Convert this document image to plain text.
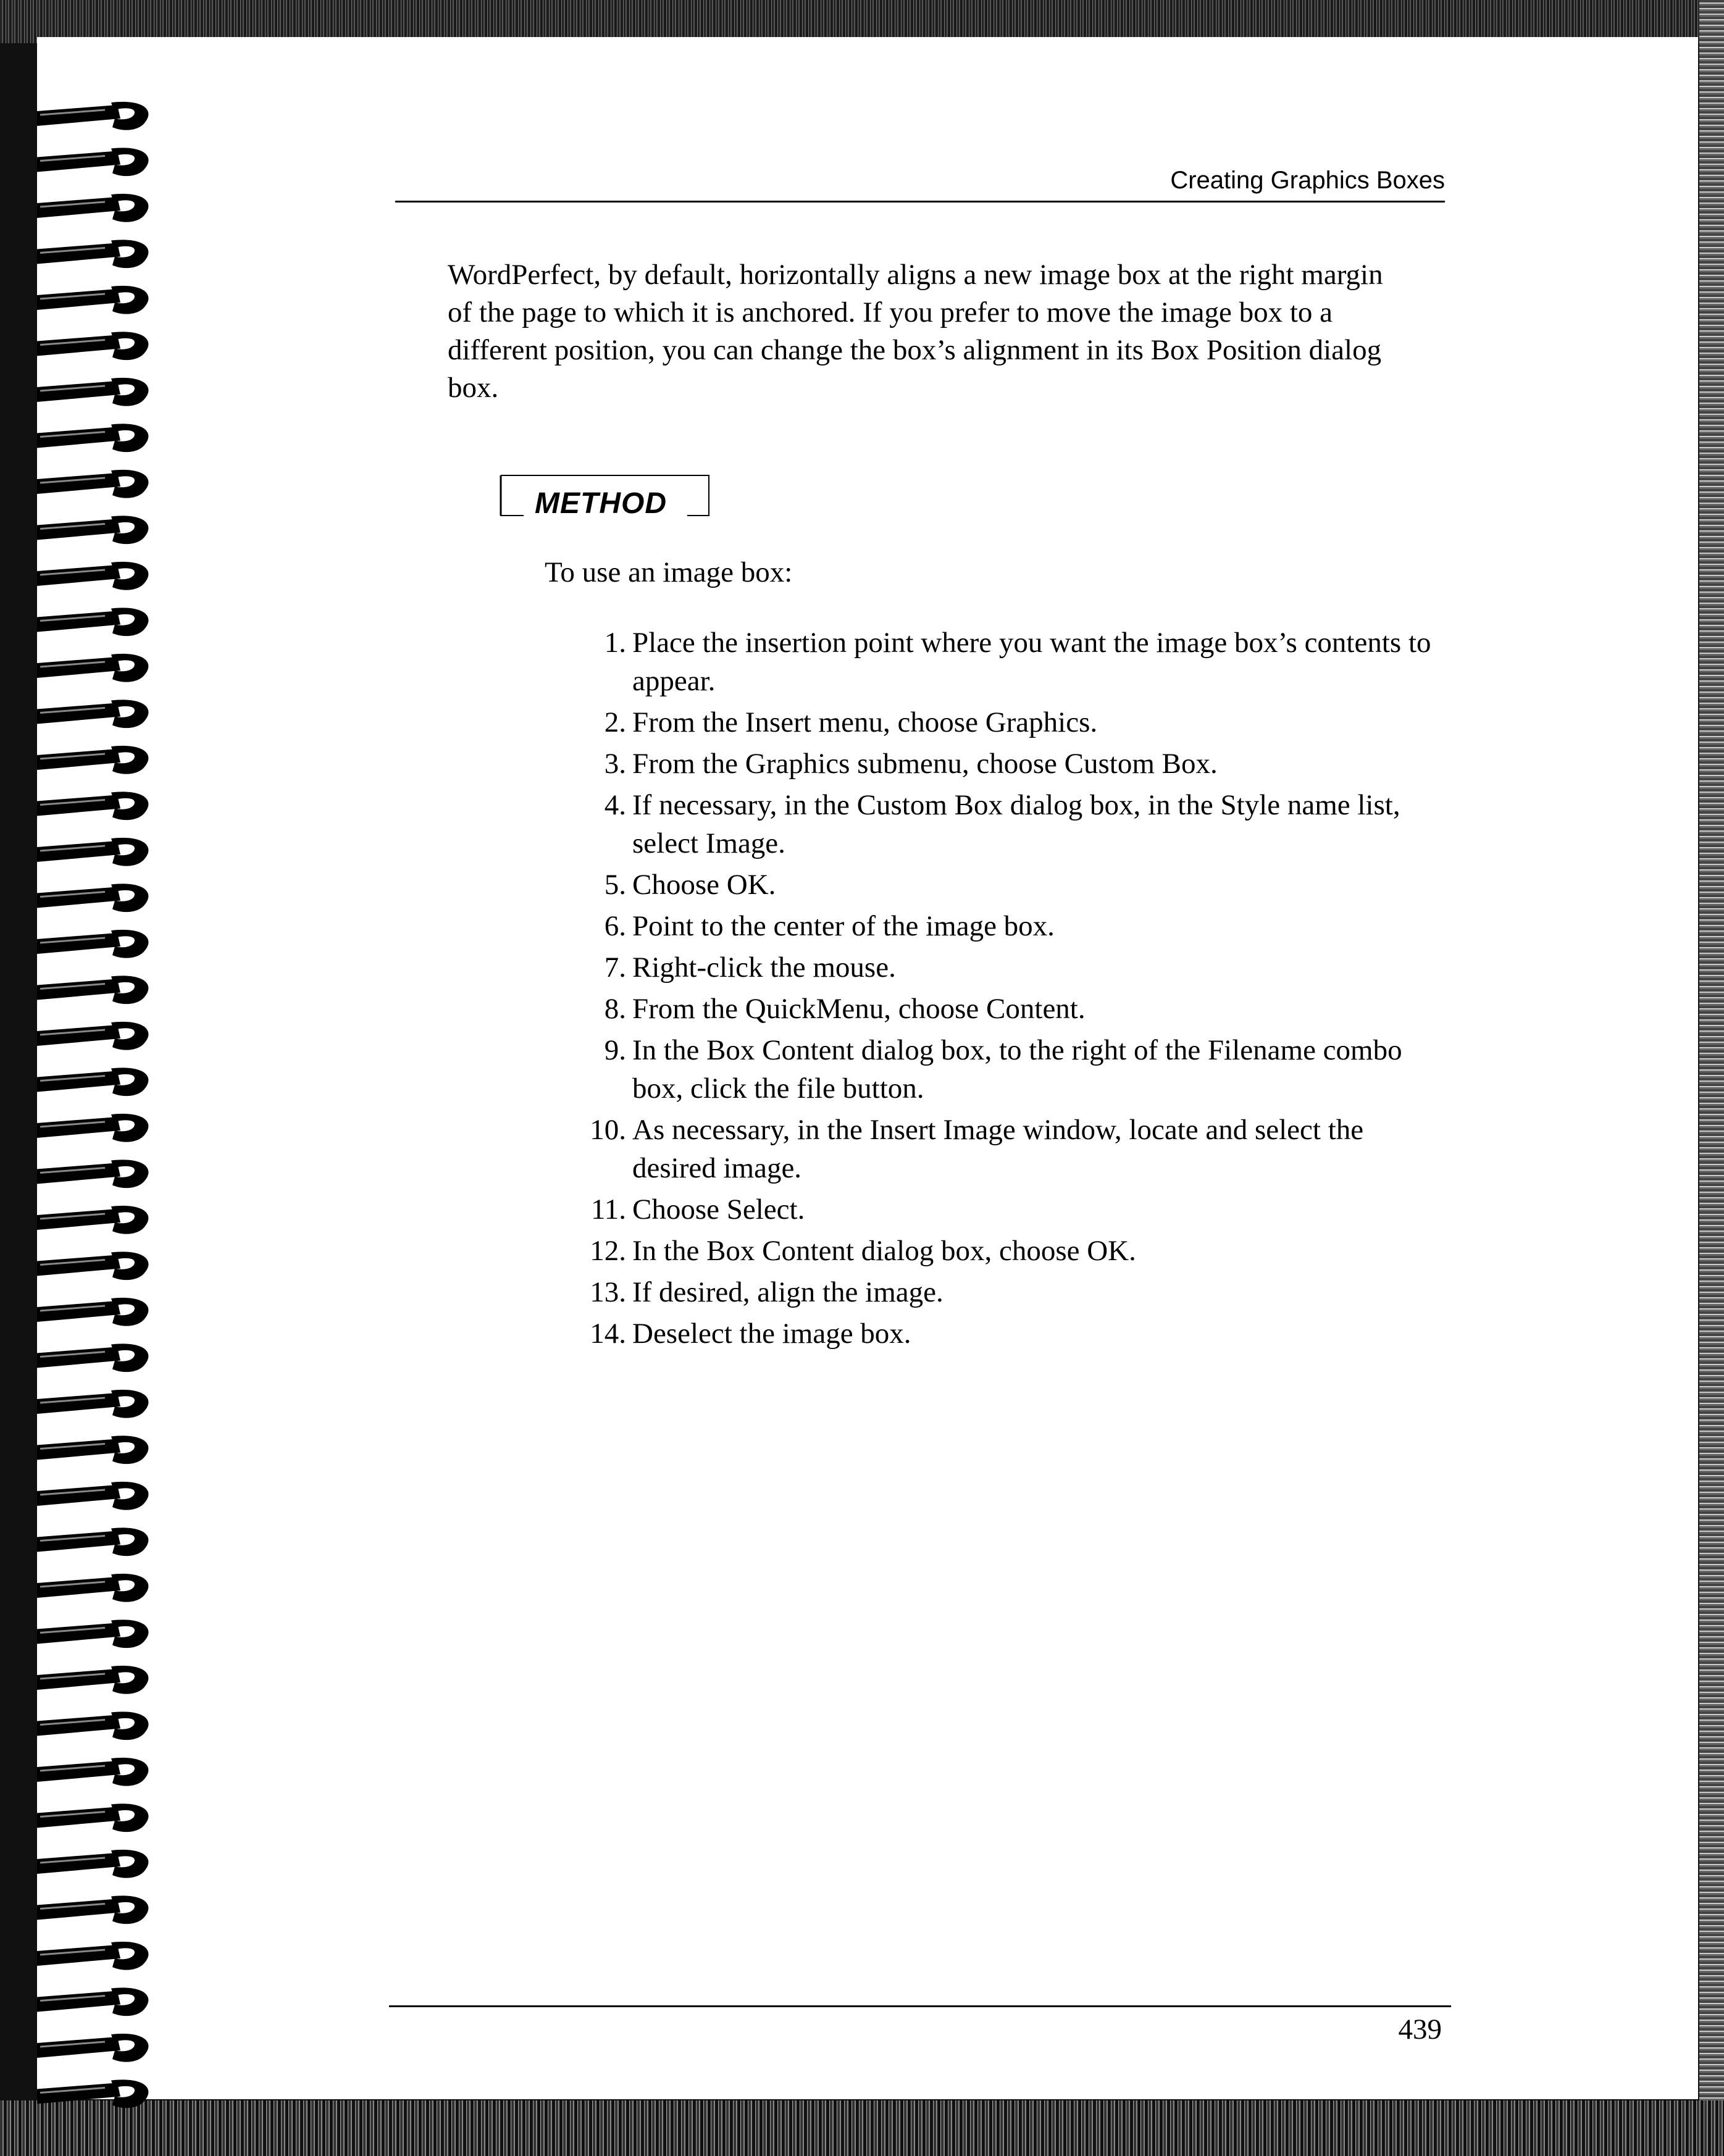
Creating Graphics Boxes

WordPerfect, by default, horizontally aligns a new image box at the right margin of the page to which it is anchored. If you prefer to move the image box to a different position, you can change the box’s alignment in its Box Position dialog box.

METHOD
To use an image box:
1. Place the insertion point where you want the image box’s contents to appear.
2. From the Insert menu, choose Graphics.
3. From the Graphics submenu, choose Custom Box.
4. If necessary, in the Custom Box dialog box, in the Style name list, select Image.
5. Choose OK.
6. Point to the center of the image box.
7. Right-click the mouse.
8. From the QuickMenu, choose Content.
9. In the Box Content dialog box, to the right of the Filename combo box, click the file button.
10. As necessary, in the Insert Image window, locate and select the desired image.
11. Choose Select.
12. In the Box Content dialog box, choose OK.
13. If desired, align the image.
14. Deselect the image box.
439
